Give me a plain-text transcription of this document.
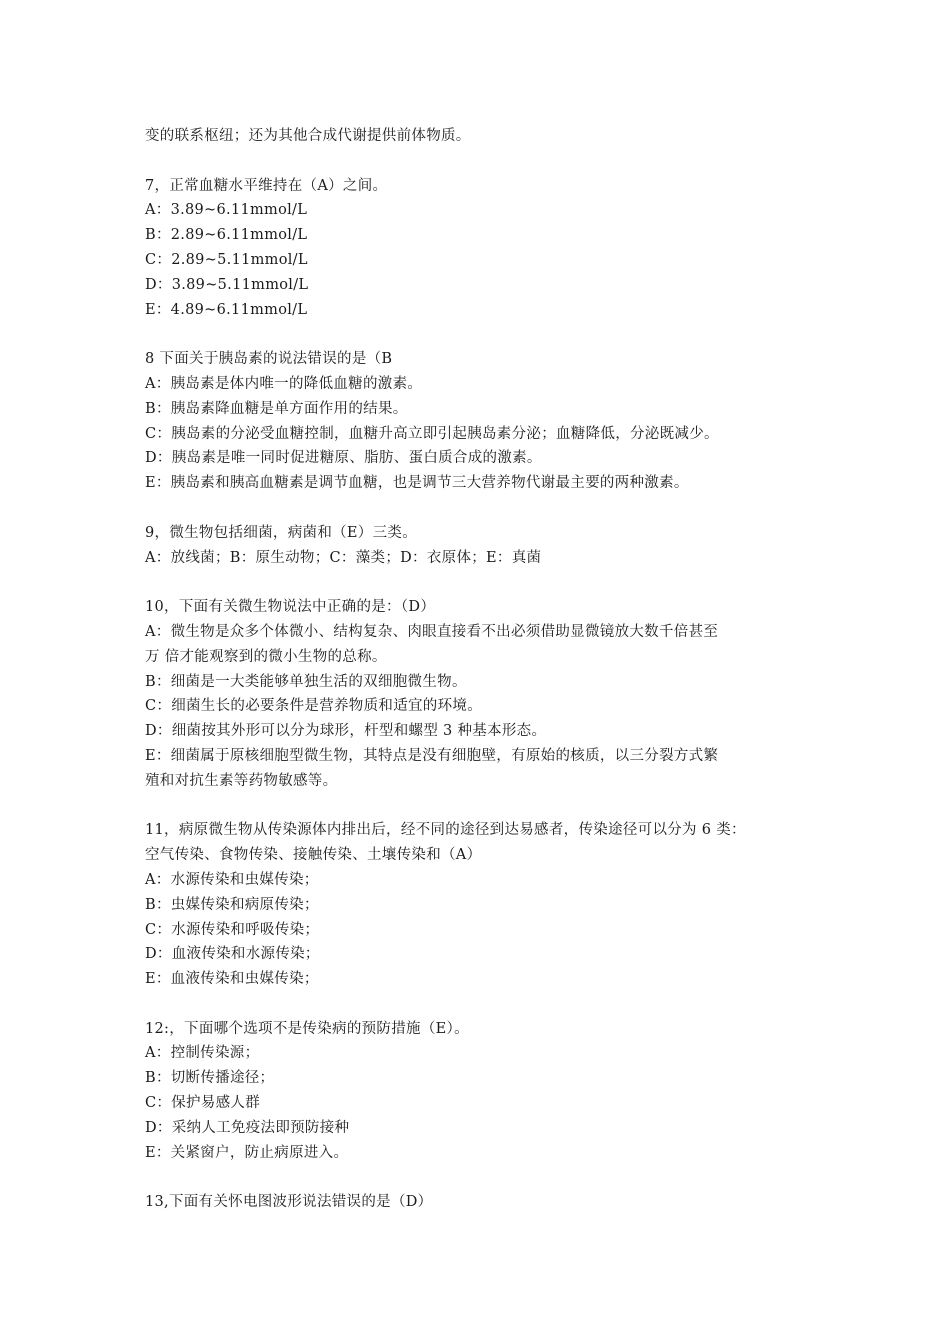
变的联系枢纽；还为其他合成代谢提供前体物质。
7，正常血糖水平维持在（A）之间。
A：3.89~6.11mmol/L
B：2.89~6.11mmol/L
C：2.89~5.11mmol/L
D：3.89~5.11mmol/L
E：4.89~6.11mmol/L
8 下面关于胰岛素的说法错误的是（B
A：胰岛素是体内唯一的降低血糖的激素。
B：胰岛素降血糖是单方面作用的结果。
C：胰岛素的分泌受血糖控制，血糖升高立即引起胰岛素分泌；血糖降低，分泌既减少。
D：胰岛素是唯一同时促进糖原、脂肪、蛋白质合成的激素。
E：胰岛素和胰高血糖素是调节血糖，也是调节三大营养物代谢最主要的两种激素。
9，微生物包括细菌，病菌和（E）三类。
A：放线菌；B：原生动物；C：藻类；D：衣原体；E：真菌
10，下面有关微生物说法中正确的是：（D）
A：微生物是众多个体微小、结构复杂、肉眼直接看不出必须借助显微镜放大数千倍甚至
万 倍才能观察到的微小生物的总称。
B：细菌是一大类能够单独生活的双细胞微生物。
C：细菌生长的必要条件是营养物质和适宜的环境。
D：细菌按其外形可以分为球形，杆型和螺型 3 种基本形态。
E：细菌属于原核细胞型微生物，其特点是没有细胞壁，有原始的核质，以三分裂方式繁
殖和对抗生素等药物敏感等。
11，病原微生物从传染源体内排出后，经不同的途径到达易感者，传染途径可以分为 6 类：
空气传染、食物传染、接触传染、土壤传染和（A）
A：水源传染和虫媒传染；
B：虫媒传染和病原传染；
C：水源传染和呼吸传染；
D：血液传染和水源传染；
E：血液传染和虫媒传染；
12:，下面哪个选项不是传染病的预防措施（E）。
A：控制传染源；
B：切断传播途径；
C：保护易感人群
D：采纳人工免疫法即预防接种
E：关紧窗户，防止病原进入。
13,下面有关怀电图波形说法错误的是（D）
